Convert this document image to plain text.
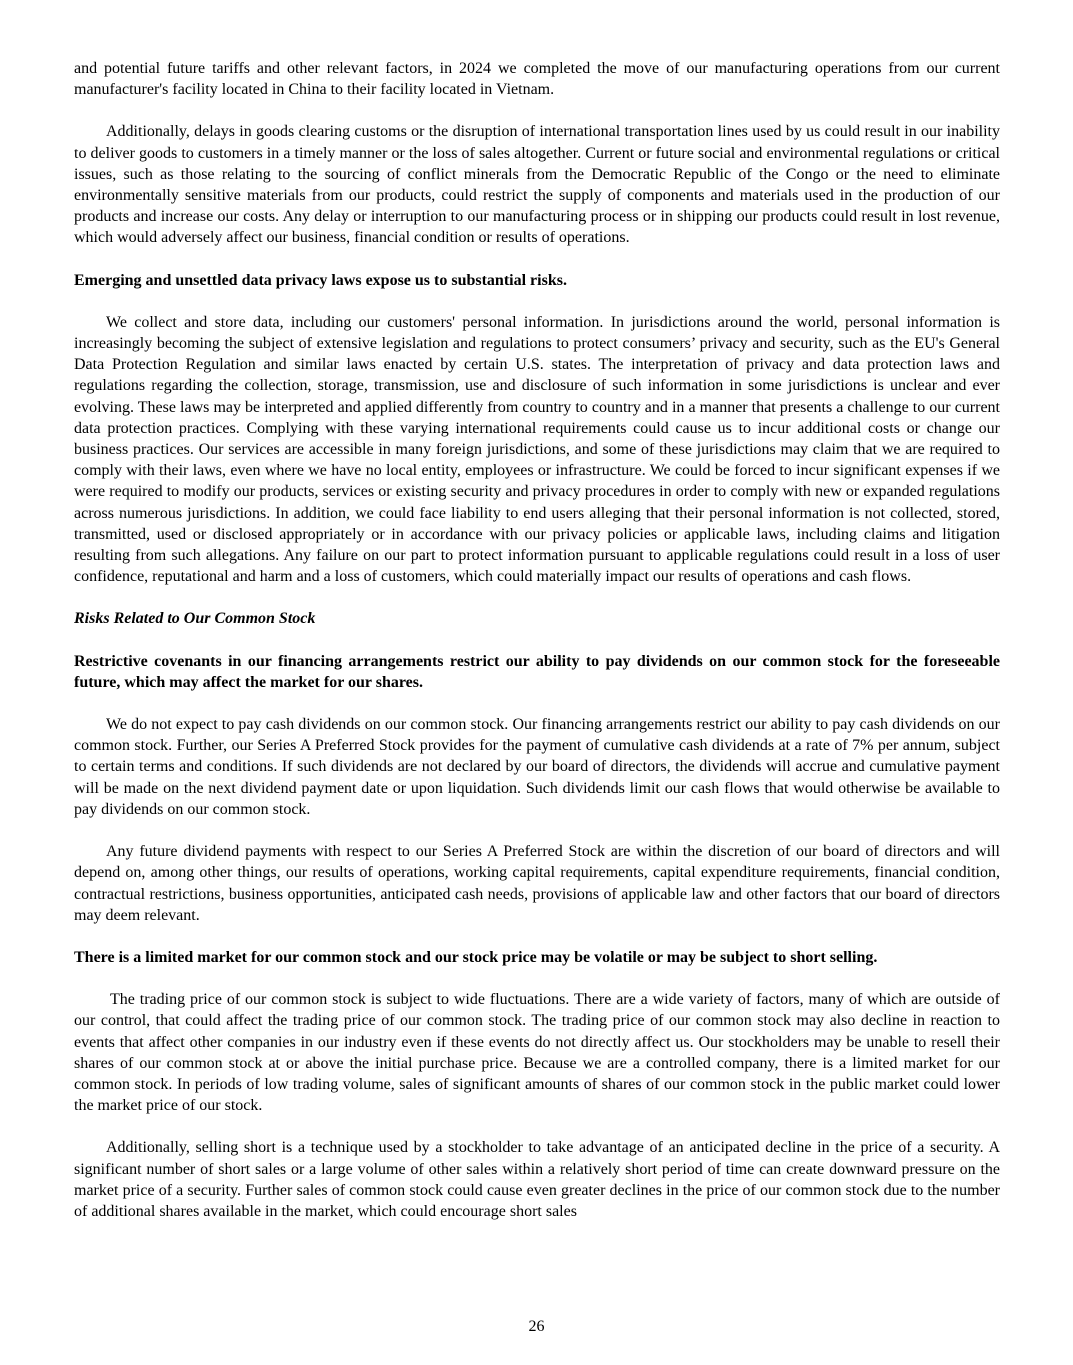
and potential future tariffs and other relevant factors, in 2024 we completed the move of our manufacturing operations from our current manufacturer's facility located in China to their facility located in Vietnam.

Additionally, delays in goods clearing customs or the disruption of international transportation lines used by us could result in our inability to deliver goods to customers in a timely manner or the loss of sales altogether. Current or future social and environmental regulations or critical issues, such as those relating to the sourcing of conflict minerals from the Democratic Republic of the Congo or the need to eliminate environmentally sensitive materials from our products, could restrict the supply of components and materials used in the production of our products and increase our costs. Any delay or interruption to our manufacturing process or in shipping our products could result in lost revenue, which would adversely affect our business, financial condition or results of operations.

Emerging and unsettled data privacy laws expose us to substantial risks.

We collect and store data, including our customers' personal information. In jurisdictions around the world, personal information is increasingly becoming the subject of extensive legislation and regulations to protect consumers’ privacy and security, such as the EU's General Data Protection Regulation and similar laws enacted by certain U.S. states. The interpretation of privacy and data protection laws and regulations regarding the collection, storage, transmission, use and disclosure of such information in some jurisdictions is unclear and ever evolving. These laws may be interpreted and applied differently from country to country and in a manner that presents a challenge to our current data protection practices. Complying with these varying international requirements could cause us to incur additional costs or change our business practices. Our services are accessible in many foreign jurisdictions, and some of these jurisdictions may claim that we are required to comply with their laws, even where we have no local entity, employees or infrastructure. We could be forced to incur significant expenses if we were required to modify our products, services or existing security and privacy procedures in order to comply with new or expanded regulations across numerous jurisdictions. In addition, we could face liability to end users alleging that their personal information is not collected, stored, transmitted, used or disclosed appropriately or in accordance with our privacy policies or applicable laws, including claims and litigation resulting from such allegations. Any failure on our part to protect information pursuant to applicable regulations could result in a loss of user confidence, reputational and harm and a loss of customers, which could materially impact our results of operations and cash flows.

Risks Related to Our Common Stock

Restrictive covenants in our financing arrangements restrict our ability to pay dividends on our common stock for the foreseeable future, which may affect the market for our shares.

We do not expect to pay cash dividends on our common stock. Our financing arrangements restrict our ability to pay cash dividends on our common stock. Further, our Series A Preferred Stock provides for the payment of cumulative cash dividends at a rate of 7% per annum, subject to certain terms and conditions. If such dividends are not declared by our board of directors, the dividends will accrue and cumulative payment will be made on the next dividend payment date or upon liquidation. Such dividends limit our cash flows that would otherwise be available to pay dividends on our common stock.

Any future dividend payments with respect to our Series A Preferred Stock are within the discretion of our board of directors and will depend on, among other things, our results of operations, working capital requirements, capital expenditure requirements, financial condition, contractual restrictions, business opportunities, anticipated cash needs, provisions of applicable law and other factors that our board of directors may deem relevant.

There is a limited market for our common stock and our stock price may be volatile or may be subject to short selling.

The trading price of our common stock is subject to wide fluctuations. There are a wide variety of factors, many of which are outside of our control, that could affect the trading price of our common stock. The trading price of our common stock may also decline in reaction to events that affect other companies in our industry even if these events do not directly affect us. Our stockholders may be unable to resell their shares of our common stock at or above the initial purchase price. Because we are a controlled company, there is a limited market for our common stock. In periods of low trading volume, sales of significant amounts of shares of our common stock in the public market could lower the market price of our stock.

Additionally, selling short is a technique used by a stockholder to take advantage of an anticipated decline in the price of a security. A significant number of short sales or a large volume of other sales within a relatively short period of time can create downward pressure on the market price of a security. Further sales of common stock could cause even greater declines in the price of our common stock due to the number of additional shares available in the market, which could encourage short sales

26
